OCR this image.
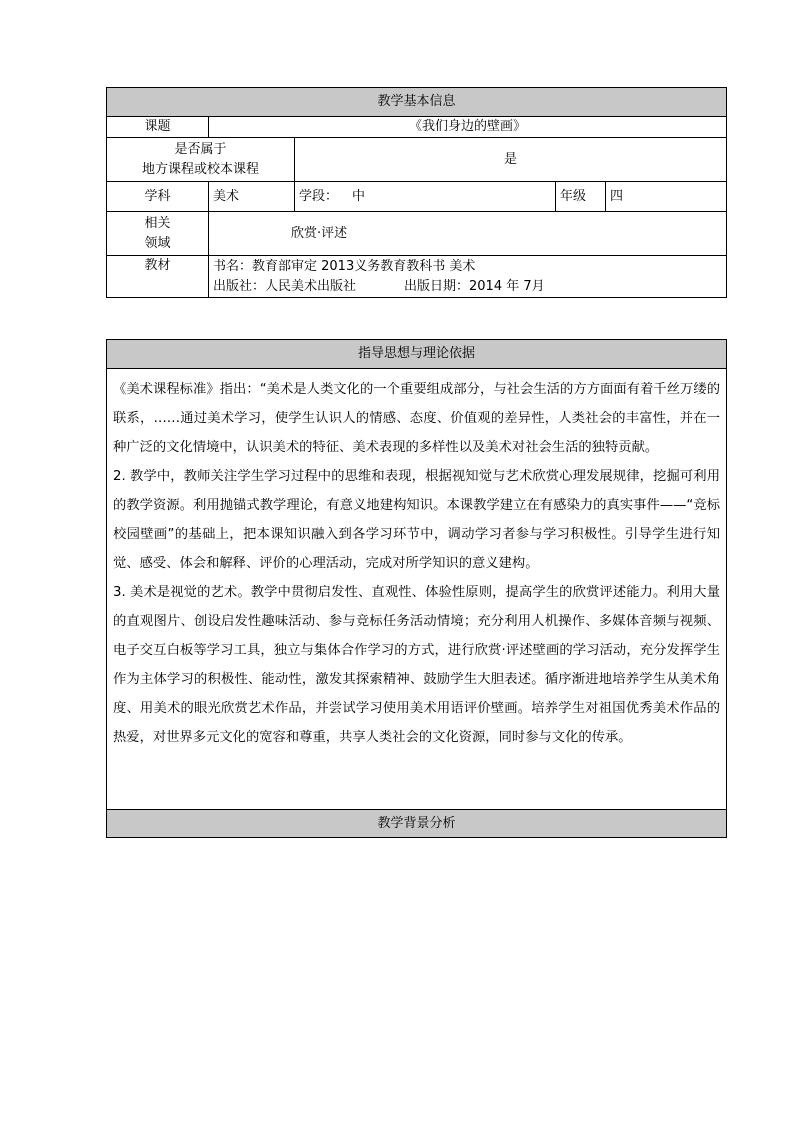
教学基本信息				
课题	《我们身边的壁画》			

是否属于
地方课程或校本课程		是		
学科	美术	学段： 中	年级	四

相关
领域	欣赏·评述			
教材	书名：教育部审定 2013义务教育教科书 美术
出版社：人民美术出版社 出版日期：2014 年 7月			
指导思想与理论依据

《美术课程标准》指出：“美术是人类文化的一个重要组成部分，与社会生活的方方面面有着千丝万缕的联系，……通过美术学习，使学生认识人的情感、态度、价值观的差异性，人类社会的丰富性，并在一种广泛的文化情境中，认识美术的特征、美术表现的多样性以及美术对社会生活的独特贡献。

2. 教学中，教师关注学生学习过程中的思维和表现，根据视知觉与艺术欣赏心理发展规律，挖掘可利用的教学资源。利用抛锚式教学理论，有意义地建构知识。本课教学建立在有感染力的真实事件——“竞标校园壁画”的基础上，把本课知识融入到各学习环节中，调动学习者参与学习积极性。引导学生进行知觉、感受、体会和解释、评价的心理活动，完成对所学知识的意义建构。

3. 美术是视觉的艺术。教学中贯彻启发性、直观性、体验性原则，提高学生的欣赏评述能力。利用大量的直观图片、创设启发性趣味活动、参与竞标任务活动情境；充分利用人机操作、多媒体音频与视频、电子交互白板等学习工具，独立与集体合作学习的方式，进行欣赏·评述壁画的学习活动，充分发挥学生作为主体学习的积极性、能动性，激发其探索精神、鼓励学生大胆表述。循序渐进地培养学生从美术角度、用美术的眼光欣赏艺术作品，并尝试学习使用美术用语评价壁画。培养学生对祖国优秀美术作品的热爱，对世界多元文化的宽容和尊重，共享人类社会的文化资源，同时参与文化的传承。

教学背景分析
